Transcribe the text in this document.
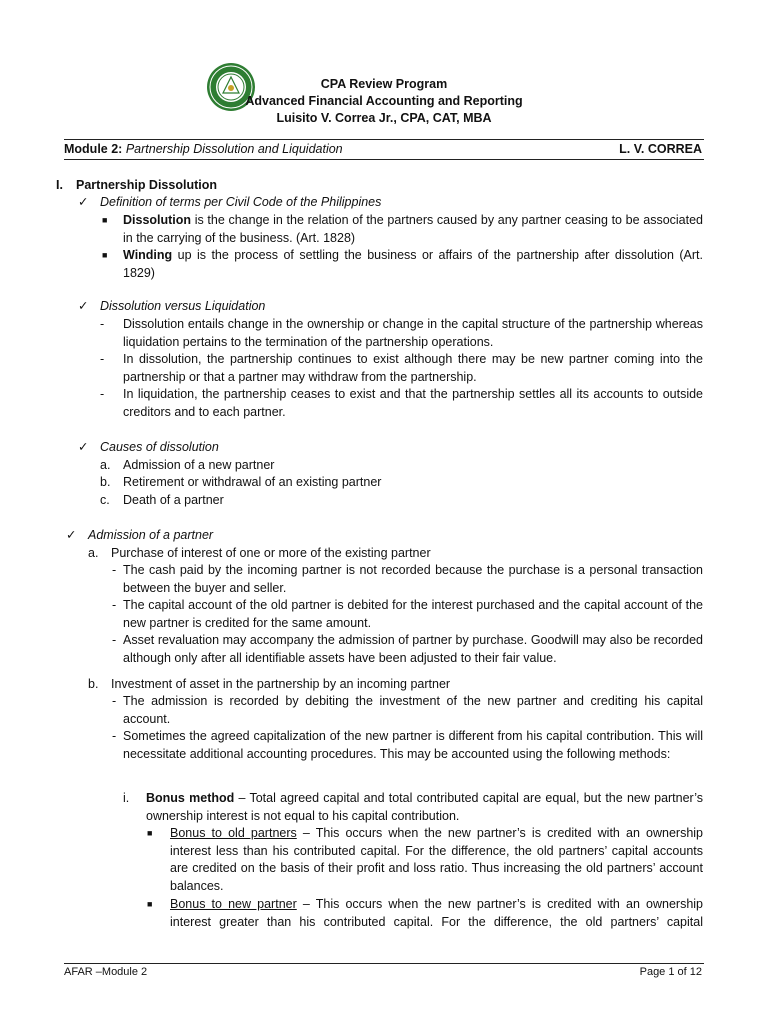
CPA Review Program
Advanced Financial Accounting and Reporting
Luisito V. Correa Jr., CPA, CAT, MBA
Module 2: Partnership Dissolution and Liquidation	L. V. CORREA
I. Partnership Dissolution
✓ Definition of terms per Civil Code of the Philippines
■ Dissolution is the change in the relation of the partners caused by any partner ceasing to be associated in the carrying of the business. (Art. 1828)
■ Winding up is the process of settling the business or affairs of the partnership after dissolution (Art. 1829)
✓ Dissolution versus Liquidation
- Dissolution entails change in the ownership or change in the capital structure of the partnership whereas liquidation pertains to the termination of the partnership operations.
- In dissolution, the partnership continues to exist although there may be new partner coming into the partnership or that a partner may withdraw from the partnership.
- In liquidation, the partnership ceases to exist and that the partnership settles all its accounts to outside creditors and to each partner.
✓ Causes of dissolution
a. Admission of a new partner
b. Retirement or withdrawal of an existing partner
c. Death of a partner
✓ Admission of a partner
a. Purchase of interest of one or more of the existing partner
- The cash paid by the incoming partner is not recorded because the purchase is a personal transaction between the buyer and seller.
- The capital account of the old partner is debited for the interest purchased and the capital account of the new partner is credited for the same amount.
- Asset revaluation may accompany the admission of partner by purchase. Goodwill may also be recorded although only after all identifiable assets have been adjusted to their fair value.
b. Investment of asset in the partnership by an incoming partner
- The admission is recorded by debiting the investment of the new partner and crediting his capital account.
- Sometimes the agreed capitalization of the new partner is different from his capital contribution. This will necessitate additional accounting procedures. This may be accounted using the following methods:
i. Bonus method – Total agreed capital and total contributed capital are equal, but the new partner’s ownership interest is not equal to his capital contribution.
■ Bonus to old partners – This occurs when the new partner’s is credited with an ownership interest less than his contributed capital. For the difference, the old partners’ capital accounts are credited on the basis of their profit and loss ratio. Thus increasing the old partners’ account balances.
■ Bonus to new partner – This occurs when the new partner’s is credited with an ownership interest greater than his contributed capital. For the difference, the old partners’ capital
AFAR –Module 2	Page 1 of 12
